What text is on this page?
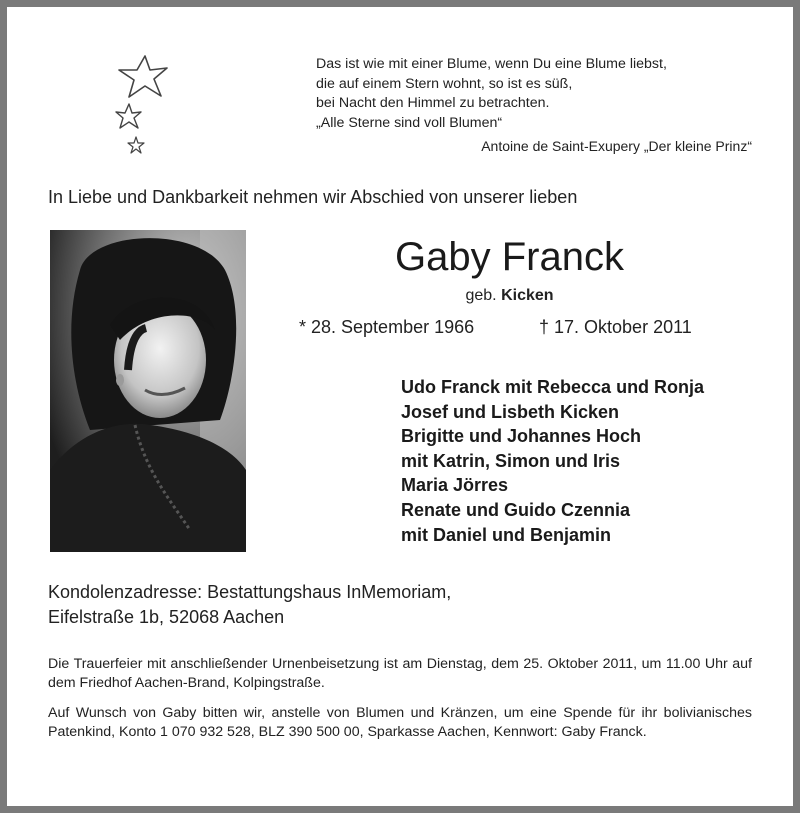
Das ist wie mit einer Blume, wenn Du eine Blume liebst,
die auf einem Stern wohnt, so ist es süß,
bei Nacht den Himmel zu betrachten.
„Alle Sterne sind voll Blumen“
Antoine de Saint-Exupery „Der kleine Prinz“
In Liebe und Dankbarkeit nehmen wir Abschied von unserer lieben
Gaby Franck
geb. Kicken
* 28. September 1966	† 17. Oktober 2011
Udo Franck mit Rebecca und Ronja
Josef und Lisbeth Kicken
Brigitte und Johannes Hoch
mit Katrin, Simon und Iris
Maria Jörres
Renate und Guido Czennia
mit Daniel und Benjamin
Kondolenzadresse: Bestattungshaus InMemoriam,
Eifelstraße 1b, 52068 Aachen
Die Trauerfeier mit anschließender Urnenbeisetzung ist am Dienstag, dem 25. Oktober 2011, um 11.00 Uhr auf dem Friedhof Aachen-Brand, Kolpingstraße.
Auf Wunsch von Gaby bitten wir, anstelle von Blumen und Kränzen, um eine Spende für ihr bolivianisches Patenkind, Konto 1 070 932 528, BLZ 390 500 00, Sparkasse Aachen, Kennwort: Gaby Franck.
